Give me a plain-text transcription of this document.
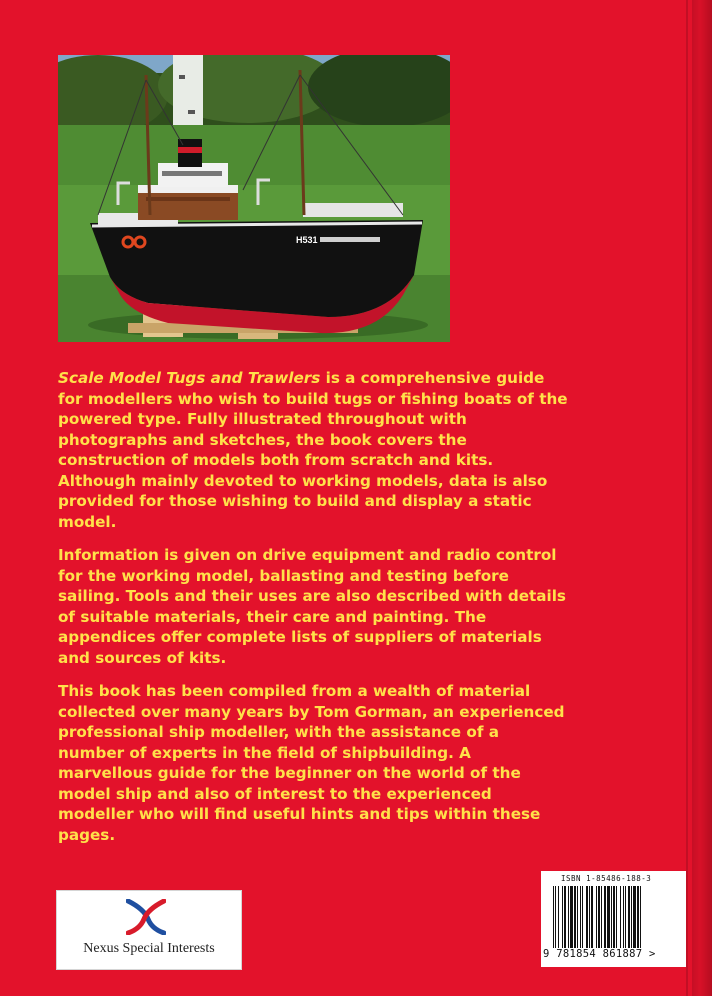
H531

Scale Model Tugs and Trawlers is a comprehensive guide for modellers who wish to build tugs or fishing boats of the powered type. Fully illustrated throughout with photographs and sketches, the book covers the construction of models both from scratch and kits. Although mainly devoted to working models, data is also provided for those wishing to build and display a static model.

Information is given on drive equipment and radio control for the working model, ballasting and testing before sailing. Tools and their uses are also described with details of suitable materials, their care and painting. The appendices offer complete lists of suppliers of materials and sources of kits.

This book has been compiled from a wealth of material collected over many years by Tom Gorman, an experienced professional ship modeller, with the assistance of a number of experts in the field of shipbuilding. A marvellous guide for the beginner on the world of the model ship and also of interest to the experienced modeller who will find useful hints and tips within these pages.

Nexus Special Interests
ISBN 1-85486-188-3
9 781854 861887 >
